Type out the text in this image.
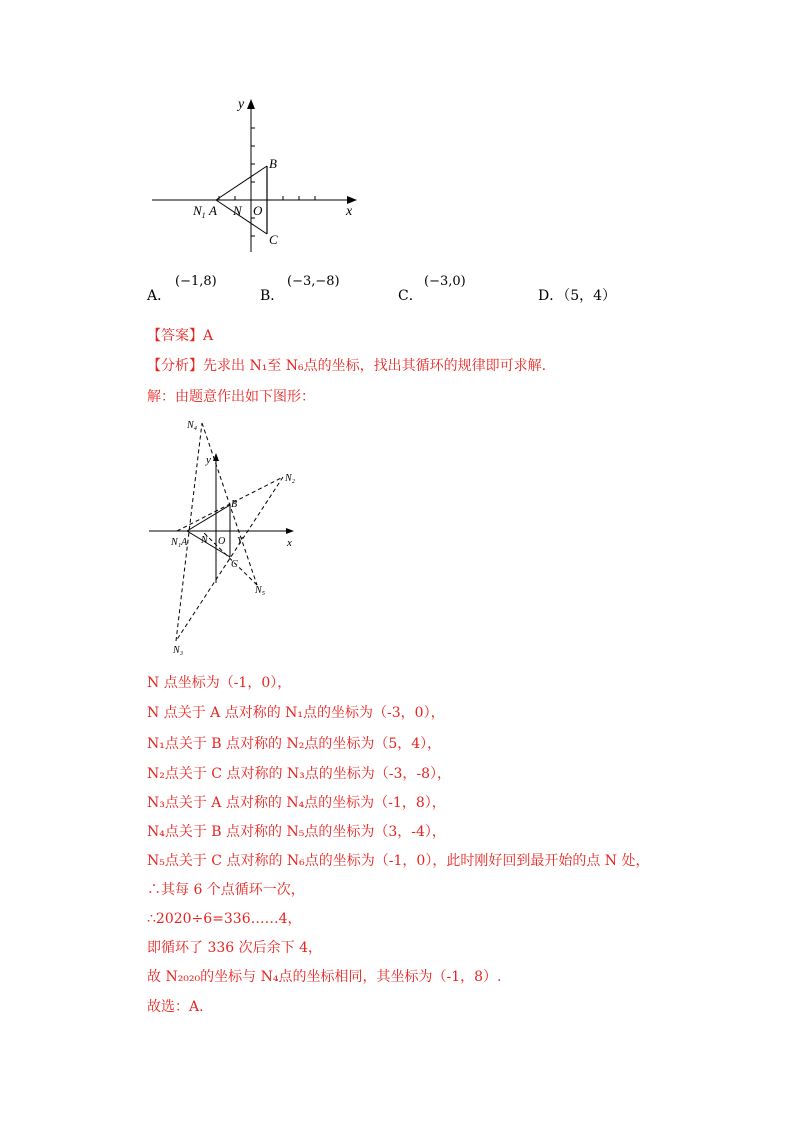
y
x
B
C
$N_1$ A N O
A．
(−1,8)
B．
(−3,−8)
C．
(−3,0)
D．（5，4）
【答案】A
【分析】先求出 N₁至 N₆点的坐标，找出其循环的规律即可求解.
解：由题意作出如下图形：
N₄
y
N₂
B
N₁A N O Y	x
C
N₅
N₃
N 点坐标为（-1，0），
N 点关于 A 点对称的 N₁点的坐标为（-3，0），
N₁点关于 B 点对称的 N₂点的坐标为（5，4），
N₂点关于 C 点对称的 N₃点的坐标为（-3，-8），
N₃点关于 A 点对称的 N₄点的坐标为（-1，8），
N₄点关于 B 点对称的 N₅点的坐标为（3，-4），
N₅点关于 C 点对称的 N₆点的坐标为（-1，0），此时刚好回到最开始的点 N 处，
∴其每 6 个点循环一次，
∴2020÷6=336……4，
即循环了 336 次后余下 4，
故 N₂₀₂₀的坐标与 N₄点的坐标相同，其坐标为（-1，8）.
故选：A.
